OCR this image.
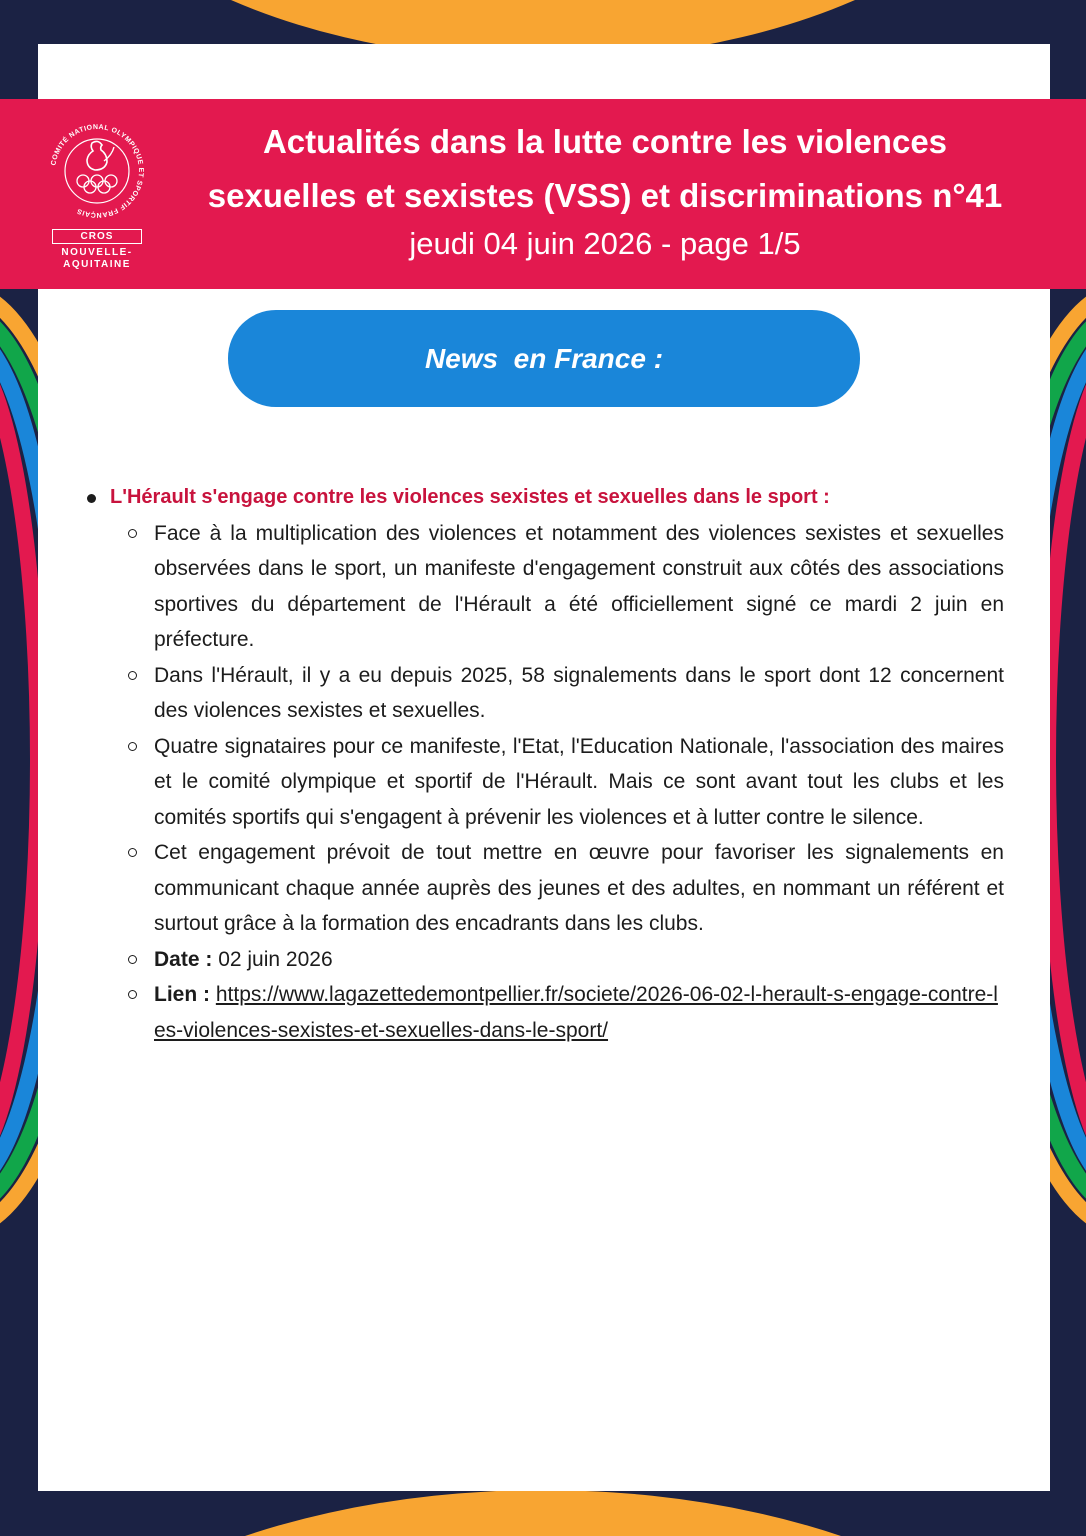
COMITÉ NATIONAL OLYMPIQUE ET SPORTIF FRANÇAIS
CROS
NOUVELLE-
AQUITAINE
Actualités dans la lutte contre les violences
sexuelles et sexistes (VSS) et discriminations n°41
jeudi 04 juin 2026 - page 1/5
News  en France :
L'Hérault s'engage contre les violences sexistes et sexuelles dans le sport :
Face à la multiplication des violences et notamment des violences sexistes et sexuelles observées dans le sport, un manifeste d'engagement construit aux côtés des associations sportives du département de l'Hérault a été officiellement signé ce mardi 2 juin en préfecture.
Dans l'Hérault, il y a eu depuis 2025, 58 signalements dans le sport dont 12 concernent des violences sexistes et sexuelles.
Quatre signataires pour ce manifeste, l'Etat, l'Education Nationale, l'association des maires et le comité olympique et sportif de l'Hérault. Mais ce sont avant tout les clubs et les comités sportifs qui s'engagent à prévenir les violences et à lutter contre le silence.
Cet engagement prévoit de tout mettre en œuvre pour favoriser les signalements en communicant chaque année auprès des jeunes et des adultes, en nommant un référent et surtout grâce à la formation des encadrants dans les clubs.
Date : 02 juin 2026
Lien : https://www.lagazettedemontpellier.fr/societe/2026-06-02-l-herault-s-engage-contre-les-violences-sexistes-et-sexuelles-dans-le-sport/
